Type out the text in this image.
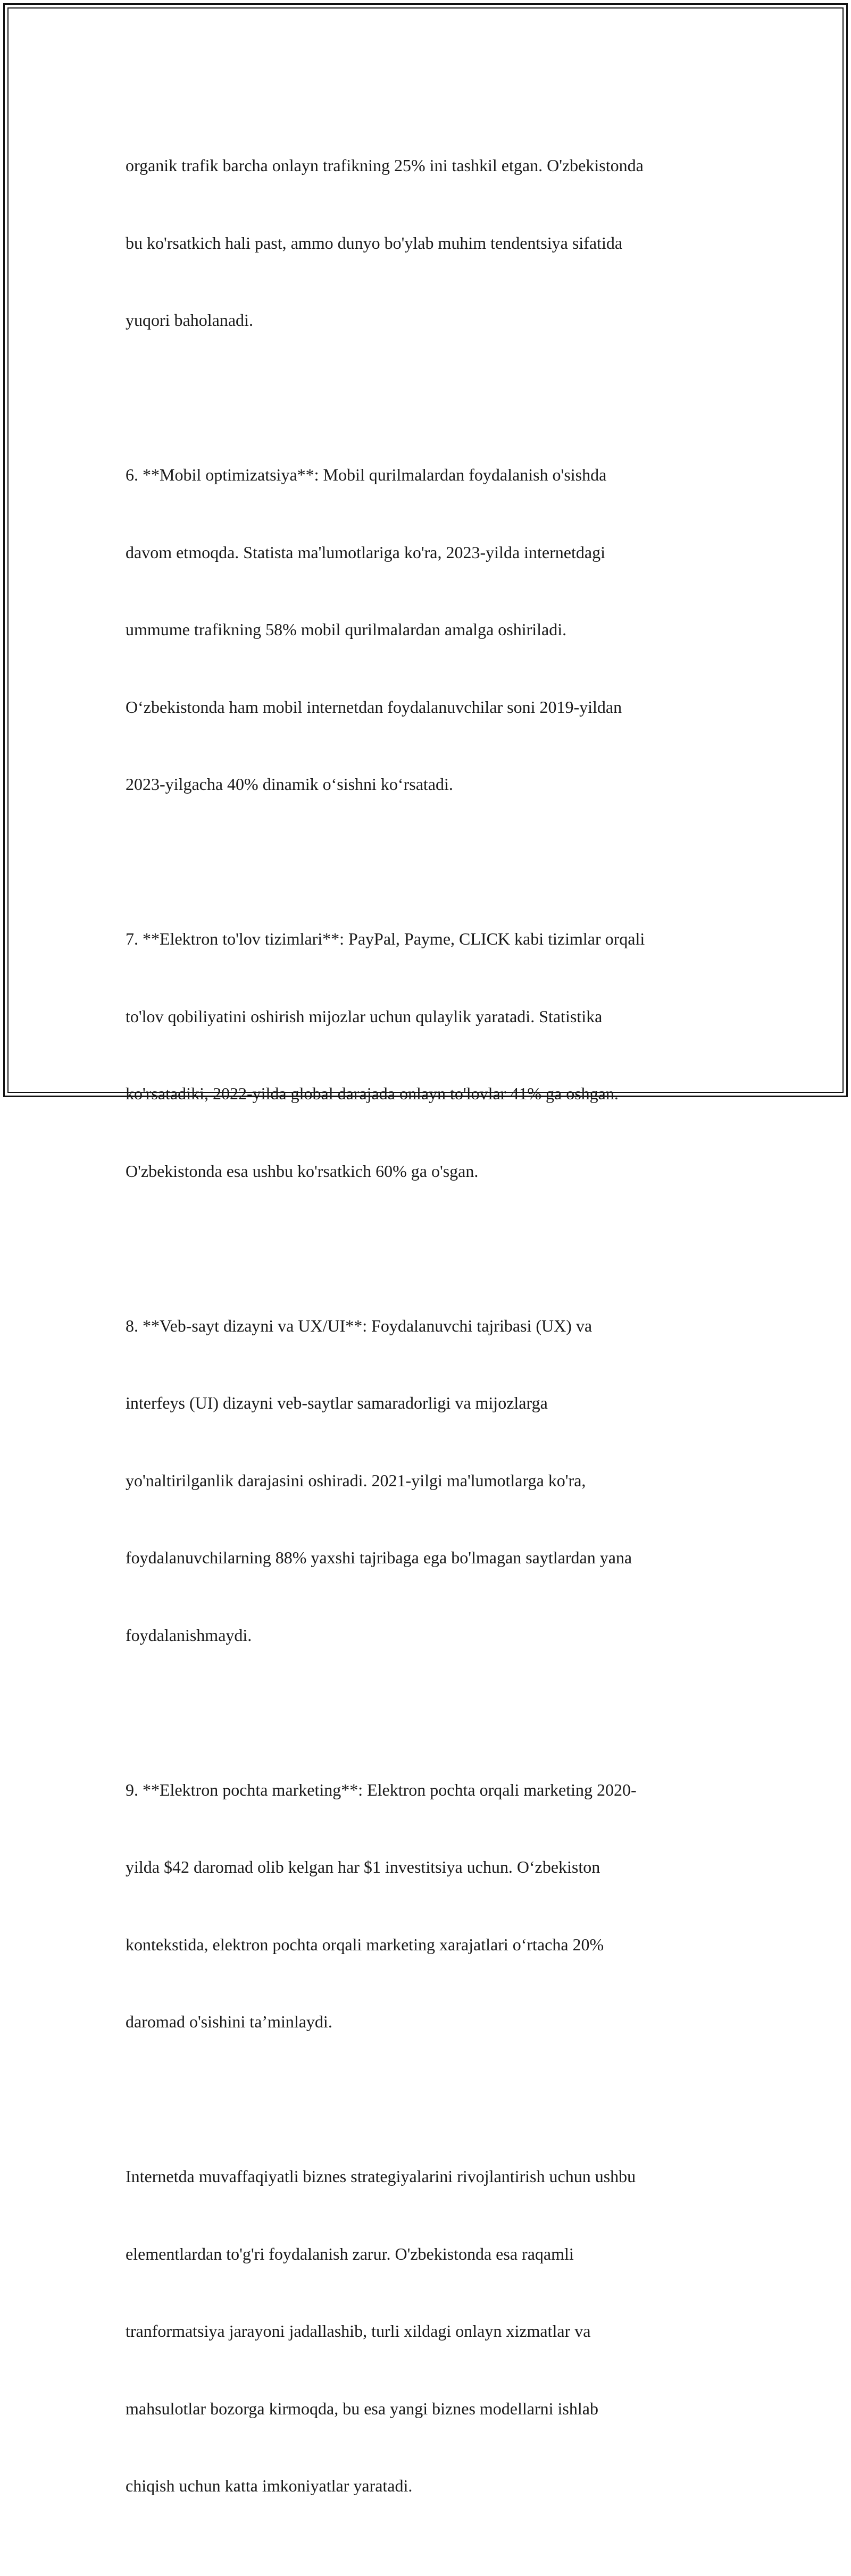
organik trafik barcha onlayn trafikning 25% ini tashkil etgan. O'zbekistonda

bu ko'rsatkich hali past, ammo dunyo bo'ylab muhim tendentsiya sifatida

yuqori baholanadi.

6. **Mobil optimizatsiya**: Mobil qurilmalardan foydalanish o'sishda

davom etmoqda. Statista ma'lumotlariga ko'ra, 2023-yilda internetdagi

ummume trafikning 58% mobil qurilmalardan amalga oshiriladi.

O‘zbekistonda ham mobil internetdan foydalanuvchilar soni 2019-yildan

2023-yilgacha 40% dinamik o‘sishni ko‘rsatadi.

7. **Elektron to'lov tizimlari**: PayPal, Payme, CLICK kabi tizimlar orqali

to'lov qobiliyatini oshirish mijozlar uchun qulaylik yaratadi. Statistika

ko'rsatadiki, 2022-yilda global darajada onlayn to'lovlar 41% ga oshgan.

O'zbekistonda esa ushbu ko'rsatkich 60% ga o'sgan.

8. **Veb-sayt dizayni va UX/UI**: Foydalanuvchi tajribasi (UX) va

interfeys (UI) dizayni veb-saytlar samaradorligi va mijozlarga

yo'naltirilganlik darajasini oshiradi. 2021-yilgi ma'lumotlarga ko'ra,

foydalanuvchilarning 88% yaxshi tajribaga ega bo'lmagan saytlardan yana

foydalanishmaydi.

9. **Elektron pochta marketing**: Elektron pochta orqali marketing 2020-

yilda $42 daromad olib kelgan har $1 investitsiya uchun. O‘zbekiston

kontekstida, elektron pochta orqali marketing xarajatlari o‘rtacha 20%

daromad o'sishini ta’minlaydi.

Internetda muvaffaqiyatli biznes strategiyalarini rivojlantirish uchun ushbu

elementlardan to'g'ri foydalanish zarur. O'zbekistonda esa raqamli

tranformatsiya jarayoni jadallashib, turli xildagi onlayn xizmatlar va

mahsulotlar bozorga kirmoqda, bu esa yangi biznes modellarni ishlab

chiqish uchun katta imkoniyatlar yaratadi.
